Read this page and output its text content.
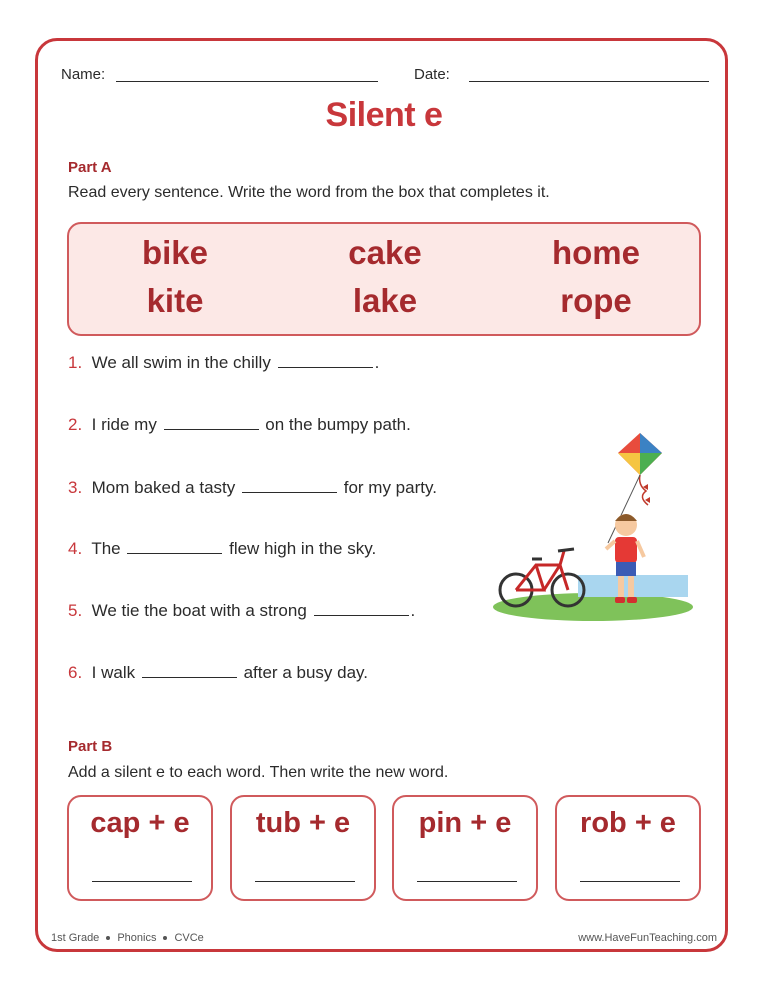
Name:	Date:
Silent e
Part A
Read every sentence. Write the word from the box that completes it.
bike	cake	home
kite	lake	rope
1. We all swim in the chilly	.
2. I ride my	on the bumpy path.
3. Mom baked a tasty	for my party.
4. The	flew high in the sky.
5. We tie the boat with a strong	.
6. I walk	after a busy day.
Part B
Add a silent e to each word. Then write the new word.
cap + e	tub + e	pin + e	rob + e
1st Grade Phonics CVCe	www.HaveFunTeaching.com
